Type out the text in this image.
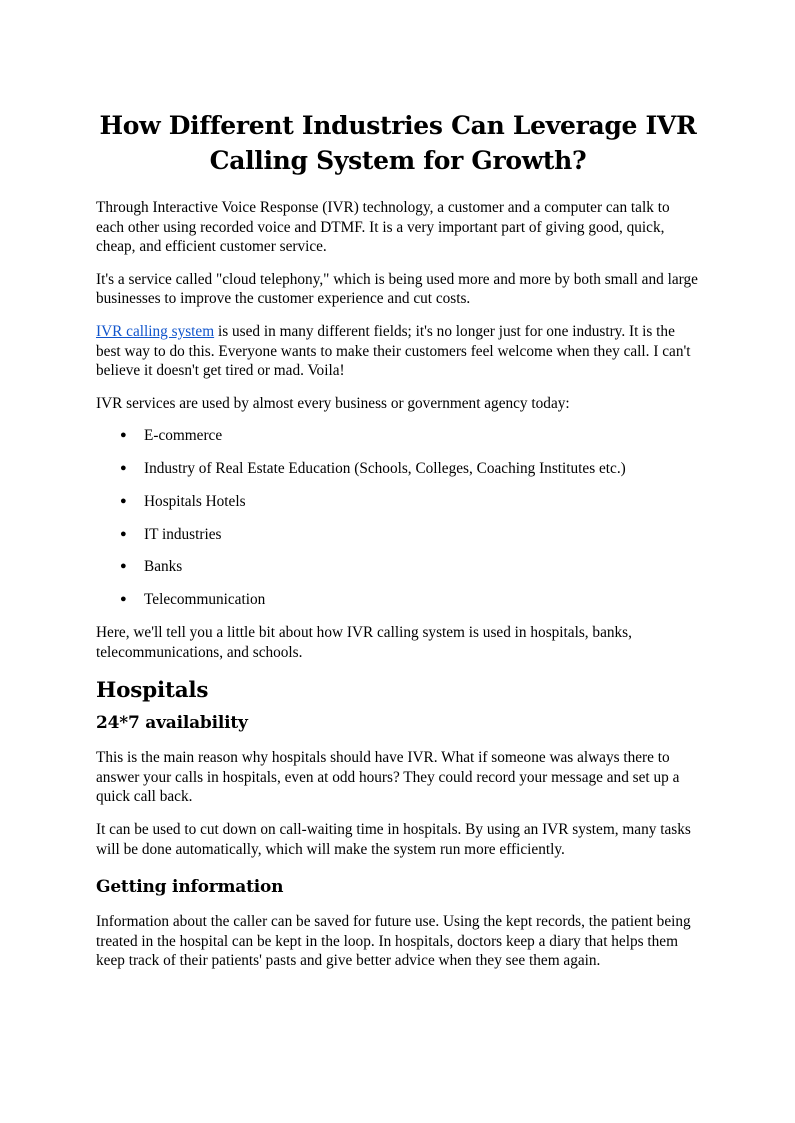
How Different Industries Can Leverage IVR Calling System for Growth?

Through Interactive Voice Response (IVR) technology, a customer and a computer can talk to each other using recorded voice and DTMF. It is a very important part of giving good, quick, cheap, and efficient customer service.

It's a service called "cloud telephony," which is being used more and more by both small and large businesses to improve the customer experience and cut costs.

IVR calling system is used in many different fields; it's no longer just for one industry. It is the best way to do this. Everyone wants to make their customers feel welcome when they call. I can't believe it doesn't get tired or mad. Voila!

IVR services are used by almost every business or government agency today:

● E-commerce
● Industry of Real Estate Education (Schools, Colleges, Coaching Institutes etc.)
● Hospitals Hotels
● IT industries
● Banks
● Telecommunication

Here, we'll tell you a little bit about how IVR calling system is used in hospitals, banks, telecommunications, and schools.

Hospitals
24*7 availability

This is the main reason why hospitals should have IVR. What if someone was always there to answer your calls in hospitals, even at odd hours? They could record your message and set up a quick call back.

It can be used to cut down on call-waiting time in hospitals. By using an IVR system, many tasks will be done automatically, which will make the system run more efficiently.

Getting information

Information about the caller can be saved for future use. Using the kept records, the patient being treated in the hospital can be kept in the loop. In hospitals, doctors keep a diary that helps them keep track of their patients' pasts and give better advice when they see them again.
